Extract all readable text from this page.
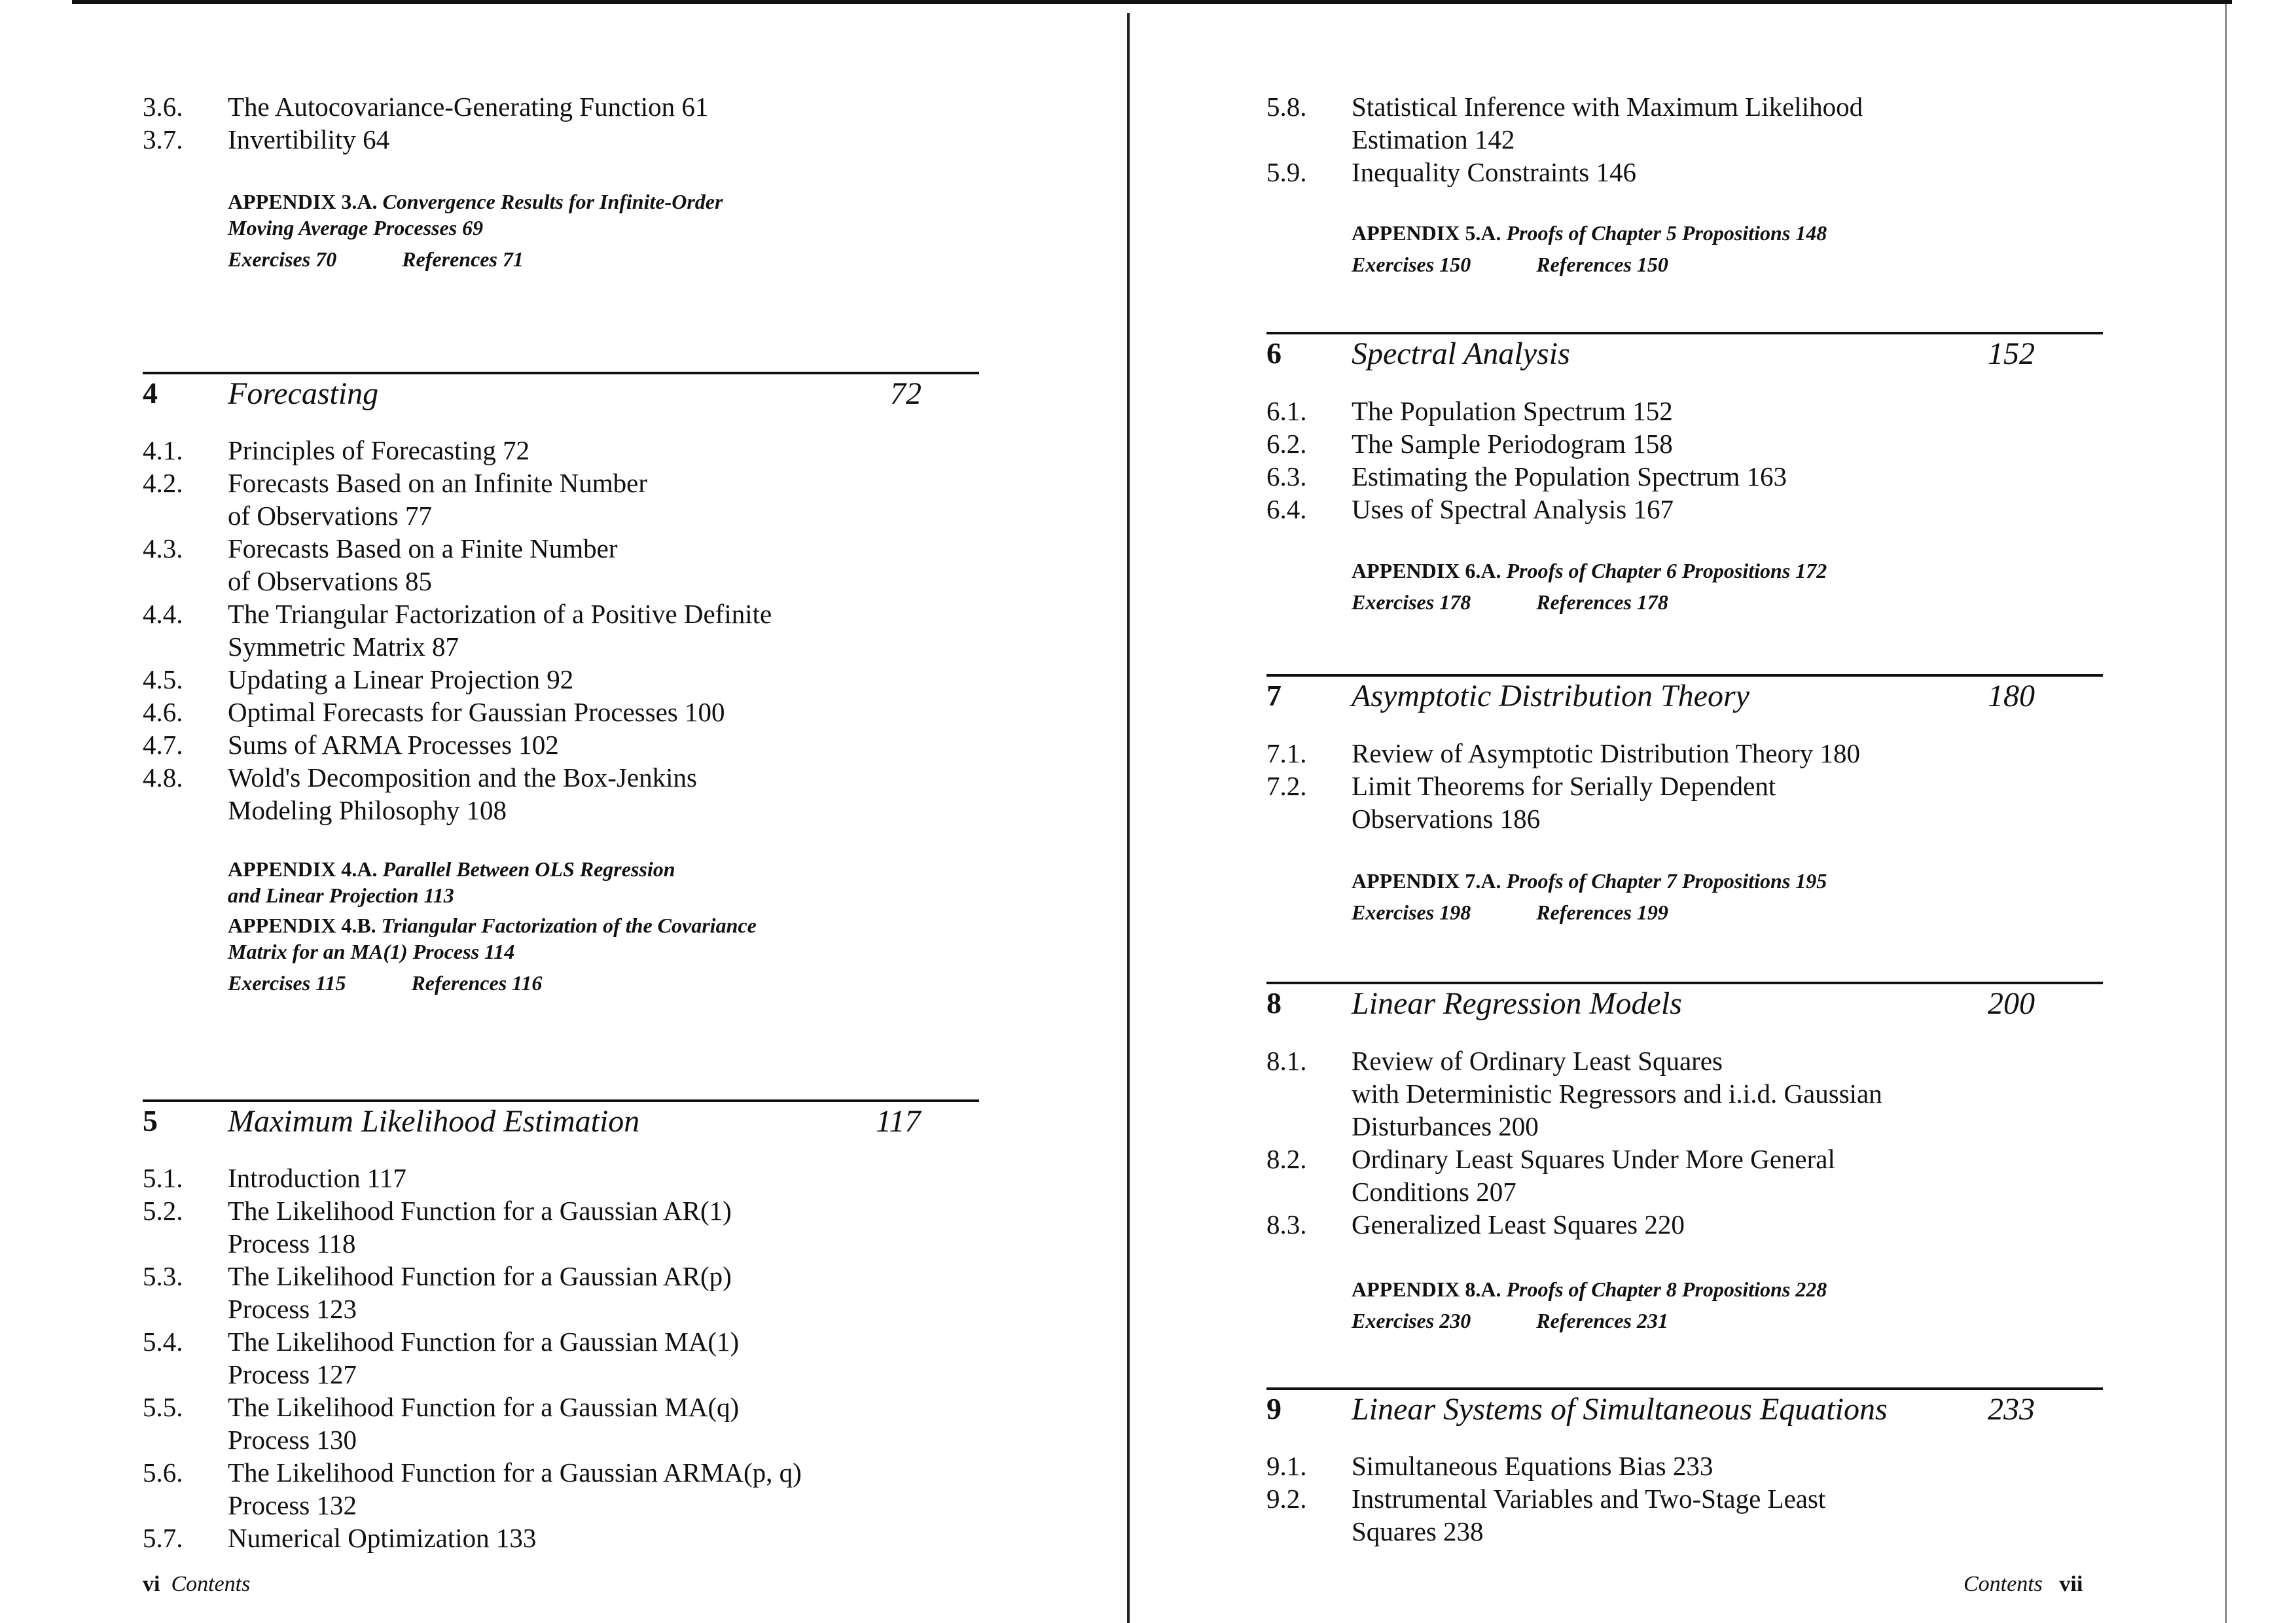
3.6. The Autocovariance-Generating Function 61
3.7. Invertibility 64
APPENDIX 3.A. Convergence Results for Infinite-Order
Moving Average Processes 69
Exercises 70	References 71
4 Forecasting	72
4.1. Principles of Forecasting 72
4.2. Forecasts Based on an Infinite Number
of Observations 77
4.3. Forecasts Based on a Finite Number
of Observations 85
4.4. The Triangular Factorization of a Positive Definite
Symmetric Matrix 87
4.5. Updating a Linear Projection 92
4.6. Optimal Forecasts for Gaussian Processes 100
4.7. Sums of ARMA Processes 102
4.8. Wold's Decomposition and the Box-Jenkins
Modeling Philosophy 108
APPENDIX 4.A. Parallel Between OLS Regression
and Linear Projection 113
APPENDIX 4.B. Triangular Factorization of the Covariance
Matrix for an MA(1) Process 114
Exercises 115	References 116
5 Maximum Likelihood Estimation	117
5.1. Introduction 117
5.2. The Likelihood Function for a Gaussian AR(1)
Process 118
5.3. The Likelihood Function for a Gaussian AR(p)
Process 123
5.4. The Likelihood Function for a Gaussian MA(1)
Process 127
5.5. The Likelihood Function for a Gaussian MA(q)
Process 130
5.6. The Likelihood Function for a Gaussian ARMA(p, q)
Process 132
5.7. Numerical Optimization 133
vi Contents
5.8. Statistical Inference with Maximum Likelihood
Estimation 142
5.9. Inequality Constraints 146
APPENDIX 5.A. Proofs of Chapter 5 Propositions 148
Exercises 150	References 150
6 Spectral Analysis	152
6.1. The Population Spectrum 152
6.2. The Sample Periodogram 158
6.3. Estimating the Population Spectrum 163
6.4. Uses of Spectral Analysis 167
APPENDIX 6.A. Proofs of Chapter 6 Propositions 172
Exercises 178	References 178
7 Asymptotic Distribution Theory	180
7.1. Review of Asymptotic Distribution Theory 180
7.2. Limit Theorems for Serially Dependent
Observations 186
APPENDIX 7.A. Proofs of Chapter 7 Propositions 195
Exercises 198	References 199
8 Linear Regression Models	200
8.1. Review of Ordinary Least Squares
with Deterministic Regressors and i.i.d. Gaussian
Disturbances 200
8.2. Ordinary Least Squares Under More General
Conditions 207
8.3. Generalized Least Squares 220
APPENDIX 8.A. Proofs of Chapter 8 Propositions 228
Exercises 230	References 231
9 Linear Systems of Simultaneous Equations	233
9.1. Simultaneous Equations Bias 233
9.2. Instrumental Variables and Two-Stage Least
Squares 238
Contents vii
